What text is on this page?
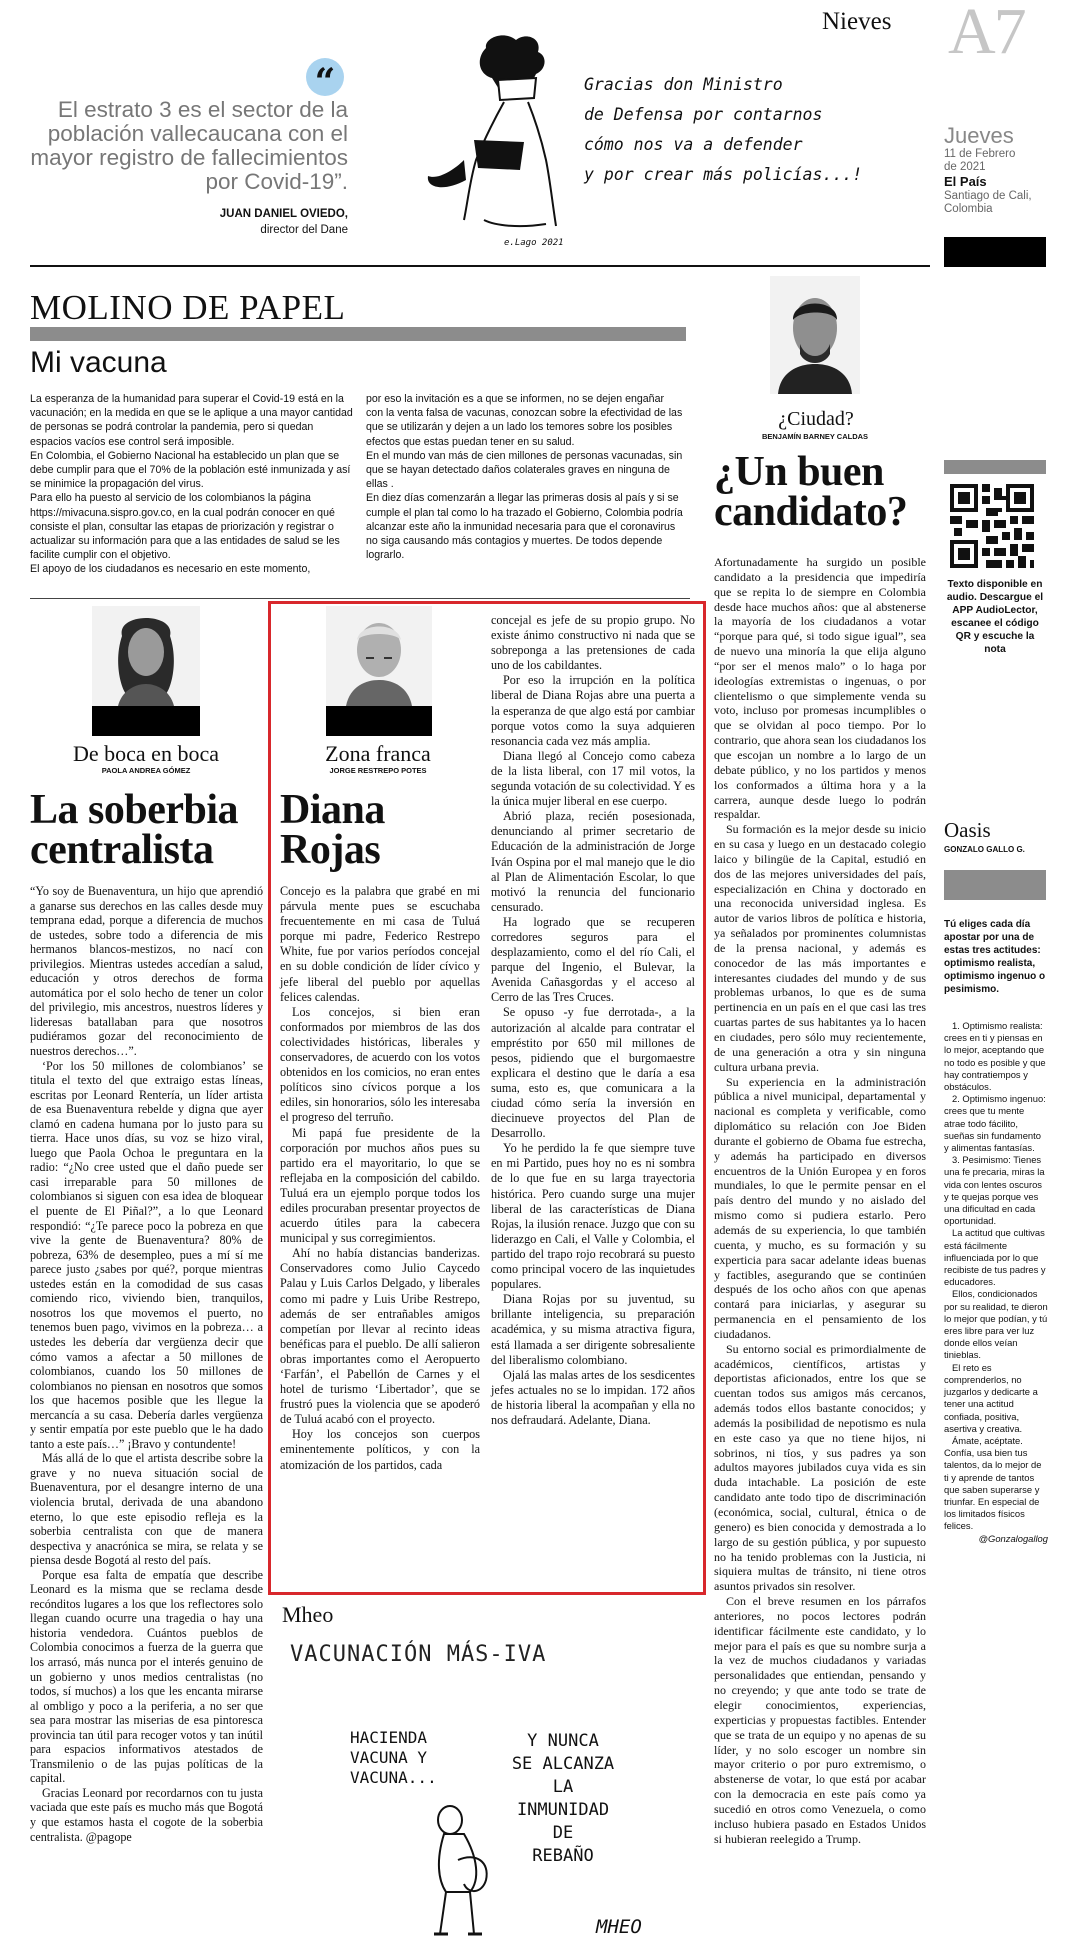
Nieves A7
“
El estrato 3 es el sector de la población vallecaucana con el mayor registro de fallecimientos por Covid-19”.
JUAN DANIEL OVIEDO,
director del Dane
Gracias don Ministro
de Defensa por contarnos
cómo nos va a defender
y por crear más policías...!
e.Lago 2021
Jueves
11 de Febrero
de 2021
El País
Santiago de Cali,
Colombia
MOLINO DE PAPEL
Mi vacuna

La esperanza de la humanidad para superar el Covid-19 está en la vacunación; en la medida en que se le aplique a una mayor cantidad de personas se podrá controlar la pandemia, pero si quedan espacios vacíos ese control será imposible.

En Colombia, el Gobierno Nacional ha establecido un plan que se debe cumplir para que el 70% de la población esté inmunizada y así se minimice la propagación del virus.

Para ello ha puesto al servicio de los colombianos la página https://mivacuna.sispro.gov.co, en la cual podrán conocer en qué consiste el plan, consultar las etapas de priorización y registrar o actualizar su información para que a las entidades de salud se les facilite cumplir con el objetivo.

El apoyo de los ciudadanos es necesario en este momento,

por eso la invitación es a que se informen, no se dejen engañar con la venta falsa de vacunas, conozcan sobre la efectividad de las que se utilizarán y dejen a un lado los temores sobre los posibles efectos que estas puedan tener en su salud.

En el mundo van más de cien millones de personas vacunadas, sin que se hayan detectado daños colaterales graves en ninguna de ellas .

En diez días comenzarán a llegar las primeras dosis al país y si se cumple el plan tal como lo ha trazado el Gobierno, Colombia podría alcanzar este año la inmunidad necesaria para que el coronavirus no siga causando más contagios y muertes. De todos depende lograrlo.

¿Ciudad?
BENJAMÍN BARNEY CALDAS
¿Un buen
candidato?

Afortunadamente ha surgido un posible candidato a la presidencia que impediría que se repita lo de siempre en Colombia desde hace muchos años: que al abstenerse la mayoría de los ciudadanos a votar “porque para qué, si todo sigue igual”, sea de nuevo una minoría la que elija alguno “por ser el menos malo” o lo haga por ideologías extremistas o ingenuas, o por clientelismo o que simplemente venda su voto, incluso por promesas incumplibles o que se olvidan al poco tiempo. Por lo contrario, que ahora sean los ciudadanos los que escojan un nombre a lo largo de un debate público, y no los partidos y menos los conformados a última hora y a la carrera, aunque desde luego lo podrán respaldar.

Su formación es la mejor desde su inicio en su casa y luego en un destacado colegio laico y bilingüe de la Capital, estudió en dos de las mejores universidades del país, especialización en China y doctorado en una reconocida universidad inglesa. Es autor de varios libros de política e historia, ya señalados por prominentes columnistas de la prensa nacional, y además es conocedor de las más importantes e interesantes ciudades del mundo y de sus problemas urbanos, lo que es de suma pertinencia en un país en el que casi las tres cuartas partes de sus habitantes ya lo hacen en ciudades, pero sólo muy recientemente, de una generación a otra y sin ninguna cultura urbana previa.

Su experiencia en la administración pública a nivel municipal, departamental y nacional es completa y verificable, como diplomático su relación con Joe Biden durante el gobierno de Obama fue estrecha, y además ha participado en diversos encuentros de la Unión Europea y en foros mundiales, lo que le permite pensar en el país dentro del mundo y no aislado del mismo como si pudiera estarlo. Pero además de su experiencia, lo que también cuenta, y mucho, es su formación y su experticia para sacar adelante ideas buenas y factibles, asegurando que se continúen después de los ocho años con que apenas contará para iniciarlas, y asegurar su permanencia en el pensamiento de los ciudadanos.

Su entorno social es primordialmente de académicos, científicos, artistas y deportistas aficionados, entre los que se cuentan todos sus amigos más cercanos, además todos ellos bastante conocidos; y además la posibilidad de nepotismo es nula en este caso ya que no tiene hijos, ni sobrinos, ni tíos, y sus padres ya son adultos mayores jubilados cuya vida es sin duda intachable. La posición de este candidato ante todo tipo de discriminación (económica, social, cultural, étnica o de genero) es bien conocida y demostrada a lo largo de su gestión pública, y por supuesto no ha tenido problemas con la Justicia, ni siquiera multas de tránsito, ni tiene otros asuntos privados sin resolver.

Con el breve resumen en los párrafos anteriores, no pocos lectores podrán identificar fácilmente este candidato, y lo mejor para el país es que su nombre surja a la vez de muchos ciudadanos y variadas personalidades que entiendan, pensando y no creyendo; y que ante todo se trate de elegir conocimientos, experiencias, experticias y propuestas factibles. Entender que se trata de un equipo y no apenas de su líder, y no solo escoger un nombre sin mayor criterio o por puro extremismo, o abstenerse de votar, lo que está por acabar con la democracia en este país como ya sucedió en otros como Venezuela, o como incluso hubiera pasado en Estados Unidos si hubieran reelegido a Trump.

Texto disponible en audio. Descargue el APP AudioLector, escanee el código QR y escuche la nota
Oasis
GONZALO GALLO G.
Tú eliges cada día apostar por una de estas tres actitudes: optimismo realista, optimismo ingenuo o pesimismo.

1. Optimismo realista: crees en ti y piensas en lo mejor, aceptando que no todo es posible y que hay contratiempos y obstáculos.

2. Optimismo ingenuo: crees que tu mente atrae todo fácilito, sueñas sin fundamento y alimentas fantasías.

3. Pesimismo: Tienes una fe precaria, miras la vida con lentes oscuros y te quejas porque ves una dificultad en cada oportunidad.

La actitud que cultivas está fácilmente influenciada por lo que recibiste de tus padres y educadores.

Ellos, condicionados por su realidad, te dieron lo mejor que podían, y tú eres libre para ver luz donde ellos veían tinieblas.

El reto es comprenderlos, no juzgarlos y dedicarte a tener una actitud confiada, positiva, asertiva y creativa.

Ámate, acéptate. Confía, usa bien tus talentos, da lo mejor de ti y aprende de tantos que saben superarse y triunfar. En especial de los limitados físicos felices.

@Gonzalogallog

De boca en boca
PAOLA ANDREA GÓMEZ
La soberbia
centralista

“Yo soy de Buenaventura, un hijo que aprendió a ganarse sus derechos en las calles desde muy temprana edad, porque a diferencia de muchos de ustedes, sobre todo a diferencia de mis hermanos blancos-mestizos, no nací con privilegios. Mientras ustedes accedían a salud, educación y otros derechos de forma automática por el solo hecho de tener un color del privilegio, mis ancestros, nuestros líderes y lideresas batallaban para que nosotros pudiéramos gozar del reconocimiento de nuestros derechos…”.

‘Por los 50 millones de colombianos’ se titula el texto del que extraigo estas líneas, escritas por Leonard Rentería, un líder artista de esa Buenaventura rebelde y digna que ayer clamó en cadena humana por lo justo para su tierra. Hace unos días, su voz se hizo viral, luego que Paola Ochoa le preguntara en la radio: “¿No cree usted que el daño puede ser casi irreparable para 50 millones de colombianos si siguen con esa idea de bloquear el puente de El Piñal?”, a lo que Leonard respondió: “¿Te parece poco la pobreza en que vive la gente de Buenaventura? 80% de pobreza, 63% de desempleo, pues a mí sí me parece justo ¿sabes por qué?, porque mientras ustedes están en la comodidad de sus casas comiendo rico, viviendo bien, tranquilos, nosotros los que movemos el puerto, no tenemos buen pago, vivimos en la pobreza… a ustedes les debería dar vergüenza decir que cómo vamos a afectar a 50 millones de colombianos, cuando los 50 millones de colombianos no piensan en nosotros que somos los que hacemos posible que les llegue la mercancía a su casa. Debería darles vergüenza y sentir empatía por este pueblo que le ha dado tanto a este país…” ¡Bravo y contundente!

Más allá de lo que el artista describe sobre la grave y no nueva situación social de Buenaventura, por el desangre interno de una violencia brutal, derivada de una abandono eterno, lo que este episodio refleja es la soberbia centralista con que de manera despectiva y anacrónica se mira, se relata y se piensa desde Bogotá al resto del país.

Porque esa falta de empatía que describe Leonard es la misma que se reclama desde recónditos lugares a los que los reflectores solo llegan cuando ocurre una tragedia o hay una historia vendedora. Cuántos pueblos de Colombia conocimos a fuerza de la guerra que los arrasó, más nunca por el interés genuino de un gobierno y unos medios centralistas (no todos, sí muchos) a los que les encanta mirarse al ombligo y poco a la periferia, a no ser que sea para mostrar las miserias de esa pintoresca provincia tan útil para recoger votos y tan inútil para espacios informativos atestados de Transmilenio o de las pujas políticas de la capital.

Gracias Leonard por recordarnos con tu justa vaciada que este país es mucho más que Bogotá y que estamos hasta el cogote de la soberbia centralista. @pagope

Zona franca
JORGE RESTREPO POTES
Diana
Rojas

Concejo es la palabra que grabé en mi párvula mente pues se escuchaba frecuentemente en mi casa de Tuluá porque mi padre, Federico Restrepo White, fue por varios períodos concejal en su doble condición de líder cívico y jefe liberal del pueblo por aquellas felices calendas.

Los concejos, si bien eran conformados por miembros de las dos colectividades históricas, liberales y conservadores, de acuerdo con los votos obtenidos en los comicios, no eran entes políticos sino cívicos porque a los ediles, sin honorarios, sólo les interesaba el progreso del terruño.

Mi papá fue presidente de la corporación por muchos años pues su partido era el mayoritario, lo que se reflejaba en la composición del cabildo. Tuluá era un ejemplo porque todos los ediles procuraban presentar proyectos de acuerdo útiles para la cabecera municipal y sus corregimientos.

Ahí no había distancias banderizas. Conservadores como Julio Caycedo Palau y Luis Carlos Delgado, y liberales como mi padre y Luis Uribe Restrepo, además de ser entrañables amigos competían por llevar al recinto ideas benéficas para el pueblo. De allí salieron obras importantes como el Aeropuerto ‘Farfán’, el Pabellón de Carnes y el hotel de turismo ‘Libertador’, que se frustró pues la violencia que se apoderó de Tuluá acabó con el proyecto.

Hoy los concejos son cuerpos eminentemente políticos, y con la atomización de los partidos, cada

concejal es jefe de su propio grupo. No existe ánimo constructivo ni nada que se sobreponga a las pretensiones de cada uno de los cabildantes.

Por eso la irrupción en la política liberal de Diana Rojas abre una puerta a la esperanza de que algo está por cambiar porque votos como la suya adquieren resonancia cada vez más amplia.

Diana llegó al Concejo como cabeza de la lista liberal, con 17 mil votos, la segunda votación de su colectividad. Y es la única mujer liberal en ese cuerpo.

Abrió plaza, recién posesionada, denunciando al primer secretario de Educación de la administración de Jorge Iván Ospina por el mal manejo que le dio al Plan de Alimentación Escolar, lo que motivó la renuncia del funcionario censurado.

Ha logrado que se recuperen corredores seguros para el desplazamiento, como el del río Cali, el parque del Ingenio, el Bulevar, la Avenida Cañasgordas y el acceso al Cerro de las Tres Cruces.

Se opuso -y fue derrotada-, a la autorización al alcalde para contratar el empréstito por 650 mil millones de pesos, pidiendo que el burgomaestre explicara el destino que le daría a esa suma, esto es, que comunicara a la ciudad cómo sería la inversión en diecinueve proyectos del Plan de Desarrollo.

Yo he perdido la fe que siempre tuve en mi Partido, pues hoy no es ni sombra de lo que fue en su larga trayectoria histórica. Pero cuando surge una mujer liberal de las características de Diana Rojas, la ilusión renace. Juzgo que con su liderazgo en Cali, el Valle y Colombia, el partido del trapo rojo recobrará su puesto como principal vocero de las inquietudes populares.

Diana Rojas por su juventud, su brillante inteligencia, su preparación académica, y su misma atractiva figura, está llamada a ser dirigente sobresaliente del liberalismo colombiano.

Ojalá las malas artes de los sesdicentes jefes actuales no se lo impidan. 172 años de historia liberal la acompañan y ella no nos defraudará. Adelante, Diana.

Mheo
VACUNACIÓN MÁS-IVA
HACIENDA
VACUNA Y
VACUNA...
Y NUNCA
SE ALCANZA
LA
INMUNIDAD
DE
REBAÑO
MHEO
